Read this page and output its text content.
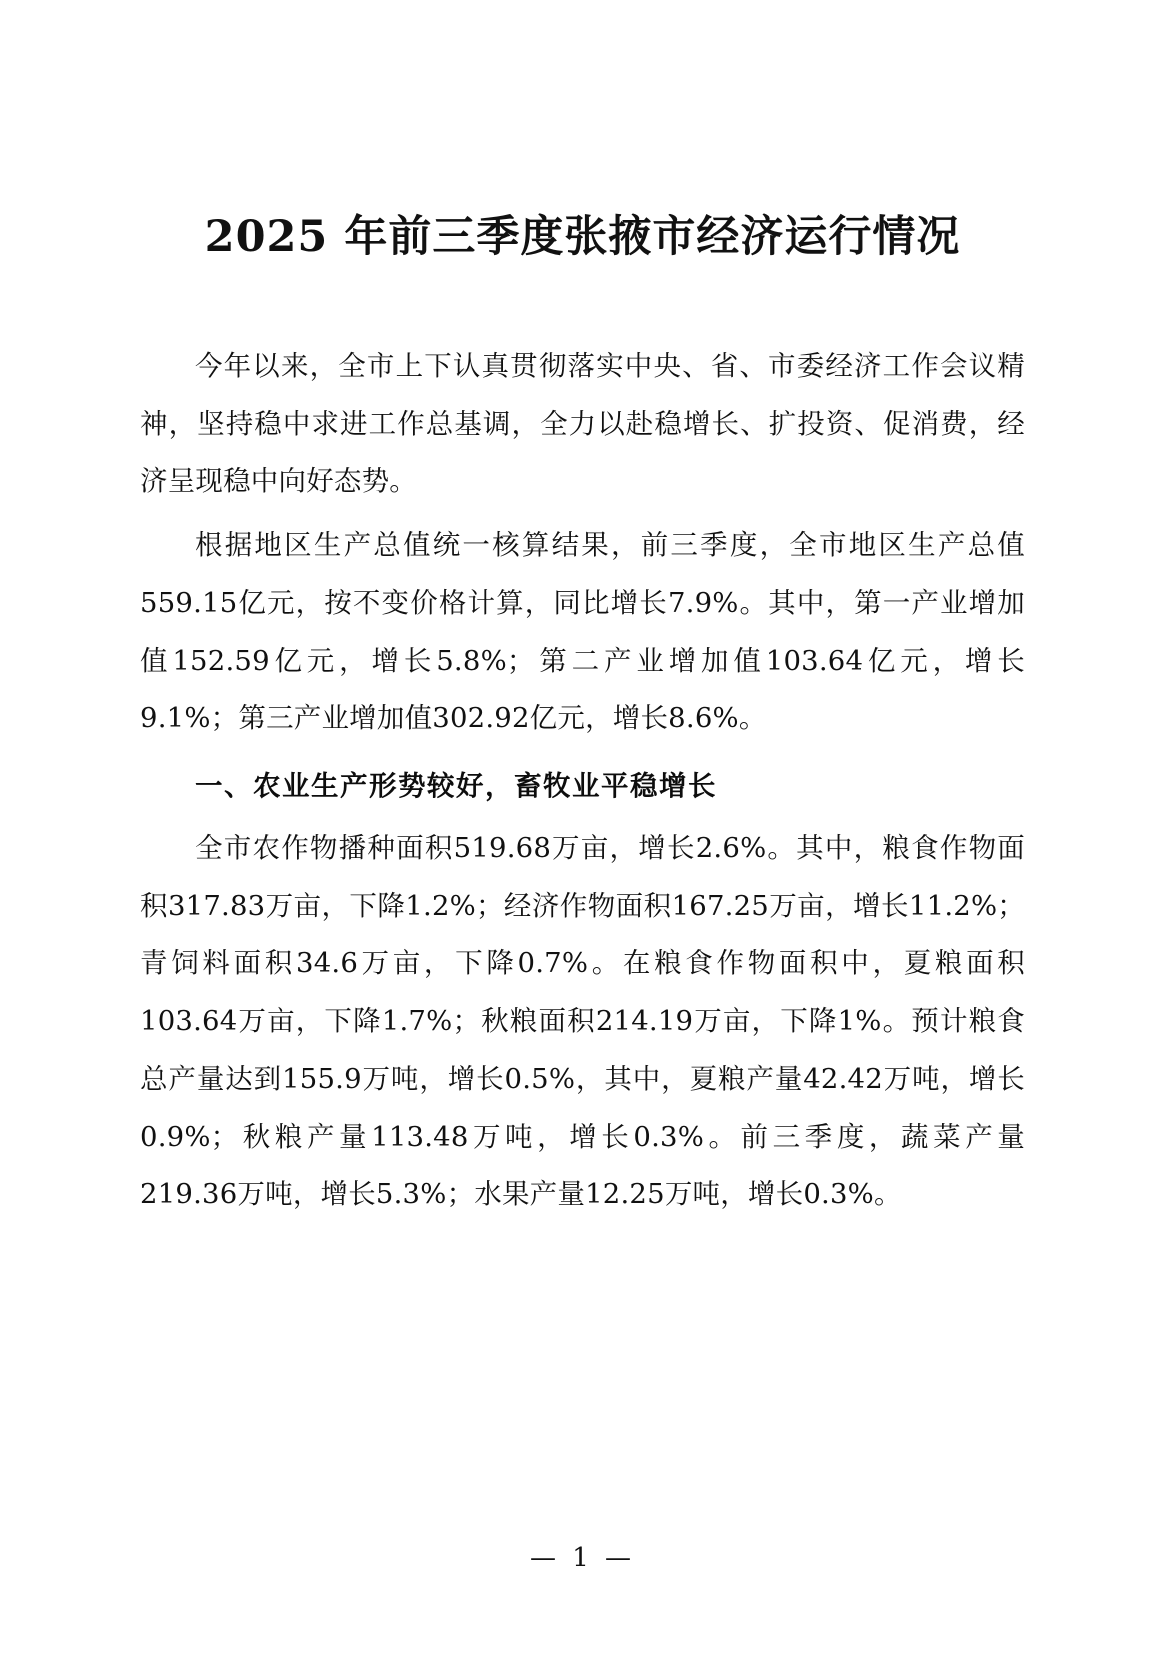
2025 年前三季度张掖市经济运行情况

今年以来，全市上下认真贯彻落实中央、省、市委经济工作会议精神，坚持稳中求进工作总基调，全力以赴稳增长、扩投资、促消费，经济呈现稳中向好态势。

根据地区生产总值统一核算结果，前三季度，全市地区生产总值559.15亿元，按不变价格计算，同比增长7.9%。其中，第一产业增加值152.59亿元，增长5.8%；第二产业增加值103.64亿元，增长9.1%；第三产业增加值302.92亿元，增长8.6%。

一、农业生产形势较好，畜牧业平稳增长

全市农作物播种面积519.68万亩，增长2.6%。其中，粮食作物面积317.83万亩，下降1.2%；经济作物面积167.25万亩，增长11.2%；青饲料面积34.6万亩，下降0.7%。在粮食作物面积中，夏粮面积103.64万亩，下降1.7%；秋粮面积214.19万亩，下降1%。预计粮食总产量达到155.9万吨，增长0.5%，其中，夏粮产量42.42万吨，增长0.9%；秋粮产量113.48万吨，增长0.3%。前三季度，蔬菜产量219.36万吨，增长5.3%；水果产量12.25万吨，增长0.3%。

— 1 —
